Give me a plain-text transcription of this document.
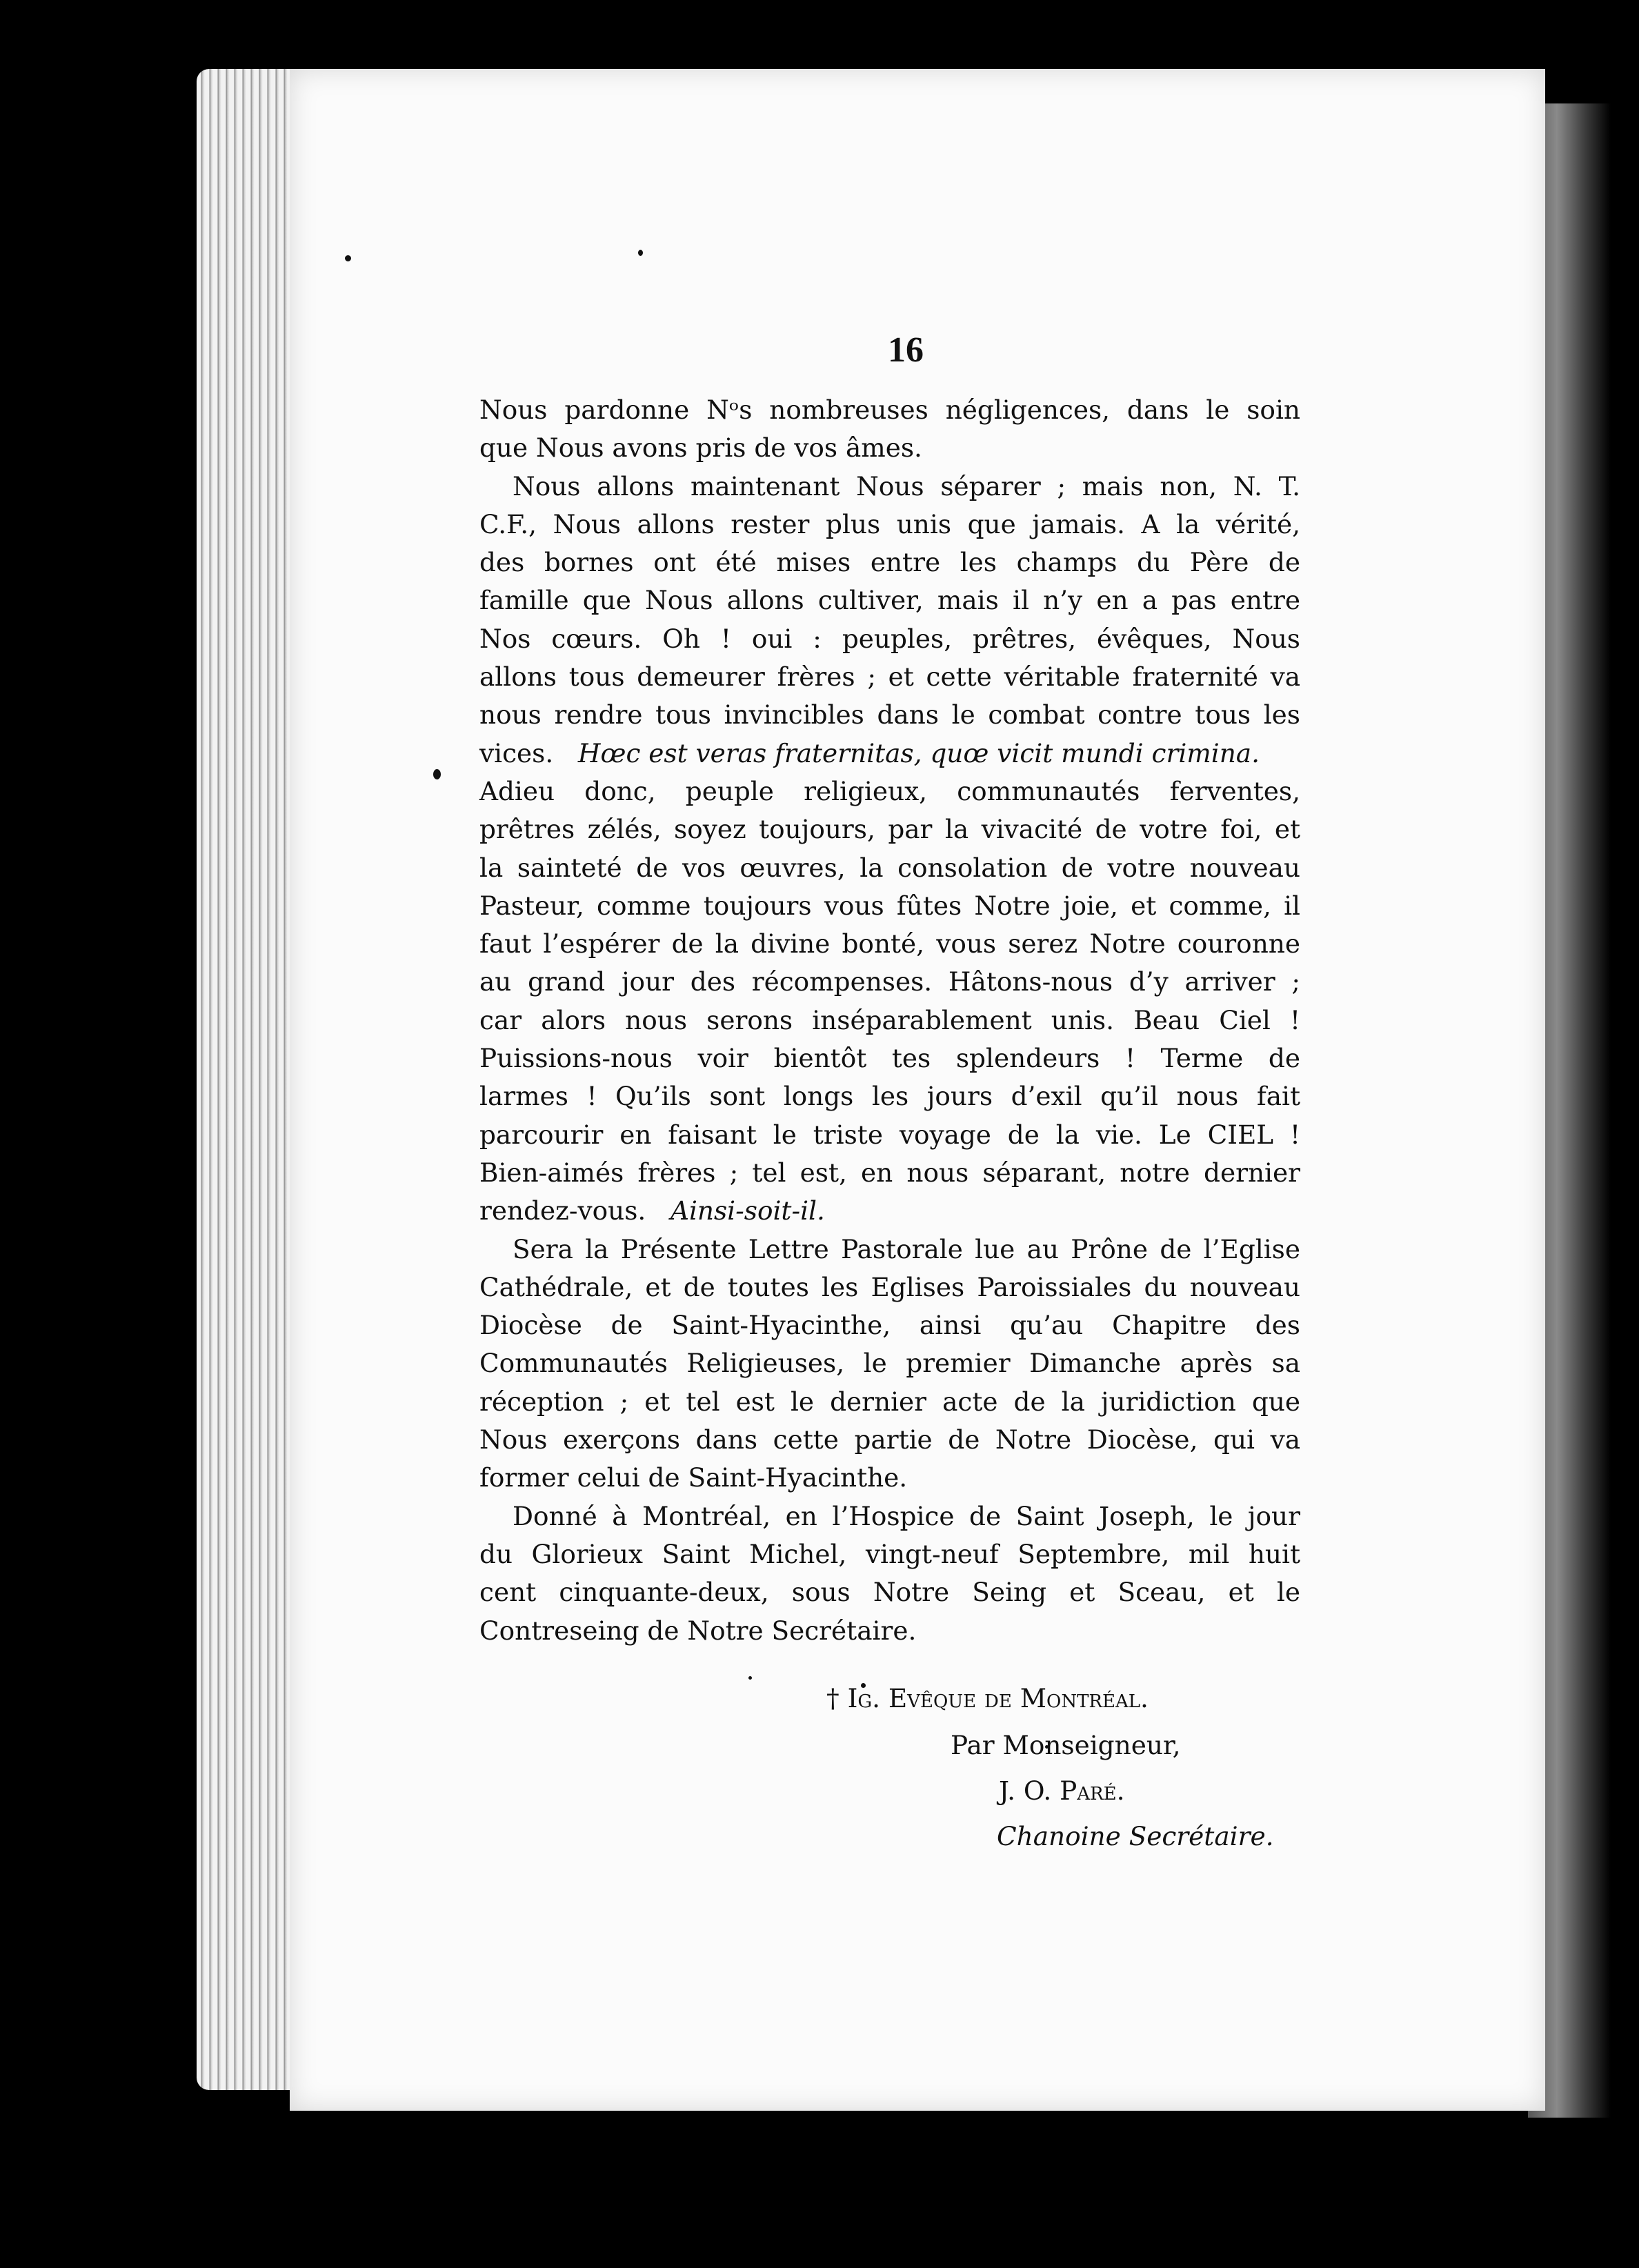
16
Nous pardonne Nᵒs nombreuses négligences, dans le soin
que Nous avons pris de vos âmes.
Nous allons maintenant Nous séparer ; mais non, N. T.
C.F., Nous allons rester plus unis que jamais. A la vérité,
des bornes ont été mises entre les champs du Père de
famille que Nous allons cultiver, mais il n’y en a pas entre
Nos cœurs. Oh ! oui : peuples, prêtres, évêques, Nous
allons tous demeurer frères ; et cette véritable fraternité va
nous rendre tous invincibles dans le combat contre tous les
vices. Hœc est veras fraternitas, quœ vicit mundi crimina.
Adieu donc, peuple religieux, communautés ferventes,
prêtres zélés, soyez toujours, par la vivacité de votre foi, et
la sainteté de vos œuvres, la consolation de votre nouveau
Pasteur, comme toujours vous fûtes Notre joie, et comme, il
faut l’espérer de la divine bonté, vous serez Notre couronne
au grand jour des récompenses. Hâtons-nous d’y arriver ;
car alors nous serons inséparablement unis. Beau Ciel !
Puissions-nous voir bientôt tes splendeurs ! Terme de
larmes ! Qu’ils sont longs les jours d’exil qu’il nous fait
parcourir en faisant le triste voyage de la vie. Le CIEL !
Bien-aimés frères ; tel est, en nous séparant, notre dernier
rendez-vous. Ainsi-soit-il.
Sera la Présente Lettre Pastorale lue au Prône de l’Eglise
Cathédrale, et de toutes les Eglises Paroissiales du nouveau
Diocèse de Saint-Hyacinthe, ainsi qu’au Chapitre des
Communautés Religieuses, le premier Dimanche après sa
réception ; et tel est le dernier acte de la juridiction que
Nous exerçons dans cette partie de Notre Diocèse, qui va
former celui de Saint-Hyacinthe.
Donné à Montréal, en l’Hospice de Saint Joseph, le jour
du Glorieux Saint Michel, vingt-neuf Septembre, mil huit
cent cinquante-deux, sous Notre Seing et Sceau, et le
Contreseing de Notre Secrétaire.
† Ig. Evêque de Montréal.
Par Monseigneur,
J. O. Paré.
Chanoine Secrétaire.
